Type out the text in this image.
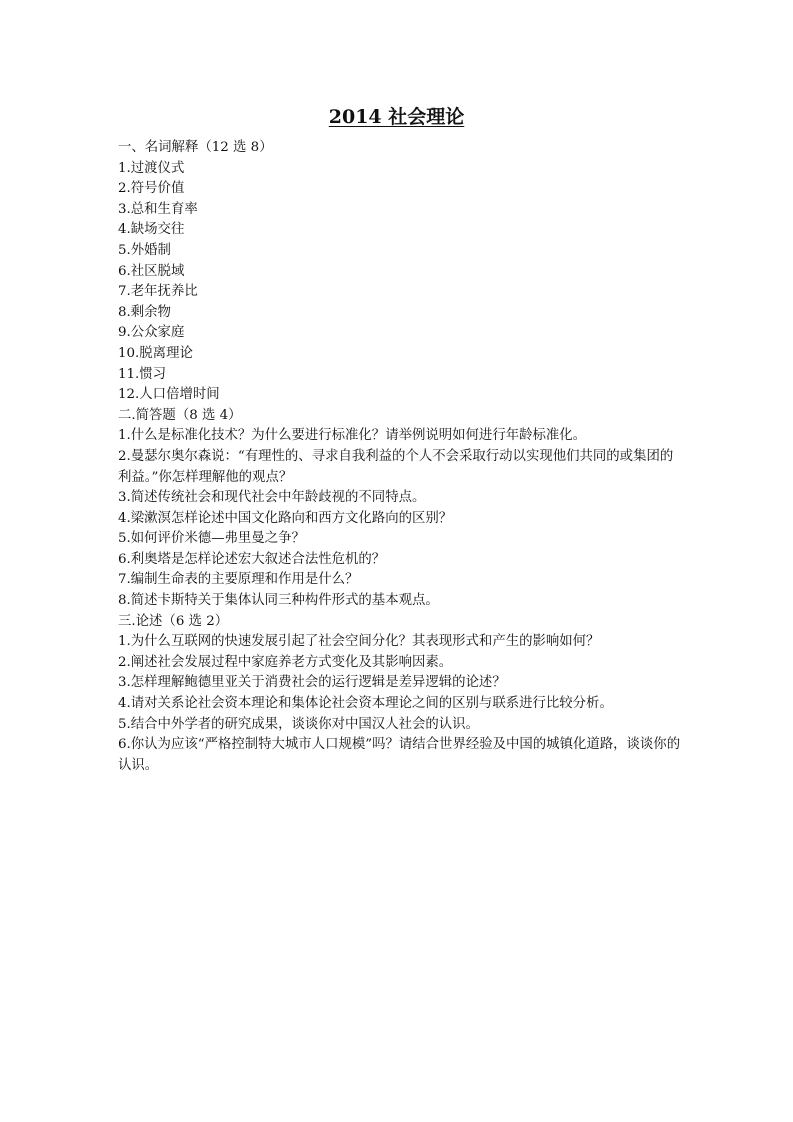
2014 社会理论

一、名词解释（12 选 8）

1.过渡仪式

2.符号价值

3.总和生育率

4.缺场交往

5.外婚制

6.社区脱域

7.老年抚养比

8.剩余物

9.公众家庭

10.脱离理论

11.惯习

12.人口倍增时间

二.简答题（8 选 4）

1.什么是标准化技术？为什么要进行标准化？请举例说明如何进行年龄标准化。

2.曼瑟尔奥尔森说：“有理性的、寻求自我利益的个人不会采取行动以实现他们共同的或集团的利益。”你怎样理解他的观点？

3.简述传统社会和现代社会中年龄歧视的不同特点。

4.梁漱溟怎样论述中国文化路向和西方文化路向的区别？

5.如何评价米德—弗里曼之争？

6.利奥塔是怎样论述宏大叙述合法性危机的？

7.编制生命表的主要原理和作用是什么？

8.简述卡斯特关于集体认同三种构件形式的基本观点。

三.论述（6 选 2）

1.为什么互联网的快速发展引起了社会空间分化？其表现形式和产生的影响如何？

2.阐述社会发展过程中家庭养老方式变化及其影响因素。

3.怎样理解鲍德里亚关于消费社会的运行逻辑是差异逻辑的论述？

4.请对关系论社会资本理论和集体论社会资本理论之间的区别与联系进行比较分析。

5.结合中外学者的研究成果，谈谈你对中国汉人社会的认识。

6.你认为应该“严格控制特大城市人口规模”吗？请结合世界经验及中国的城镇化道路，谈谈你的认识。
